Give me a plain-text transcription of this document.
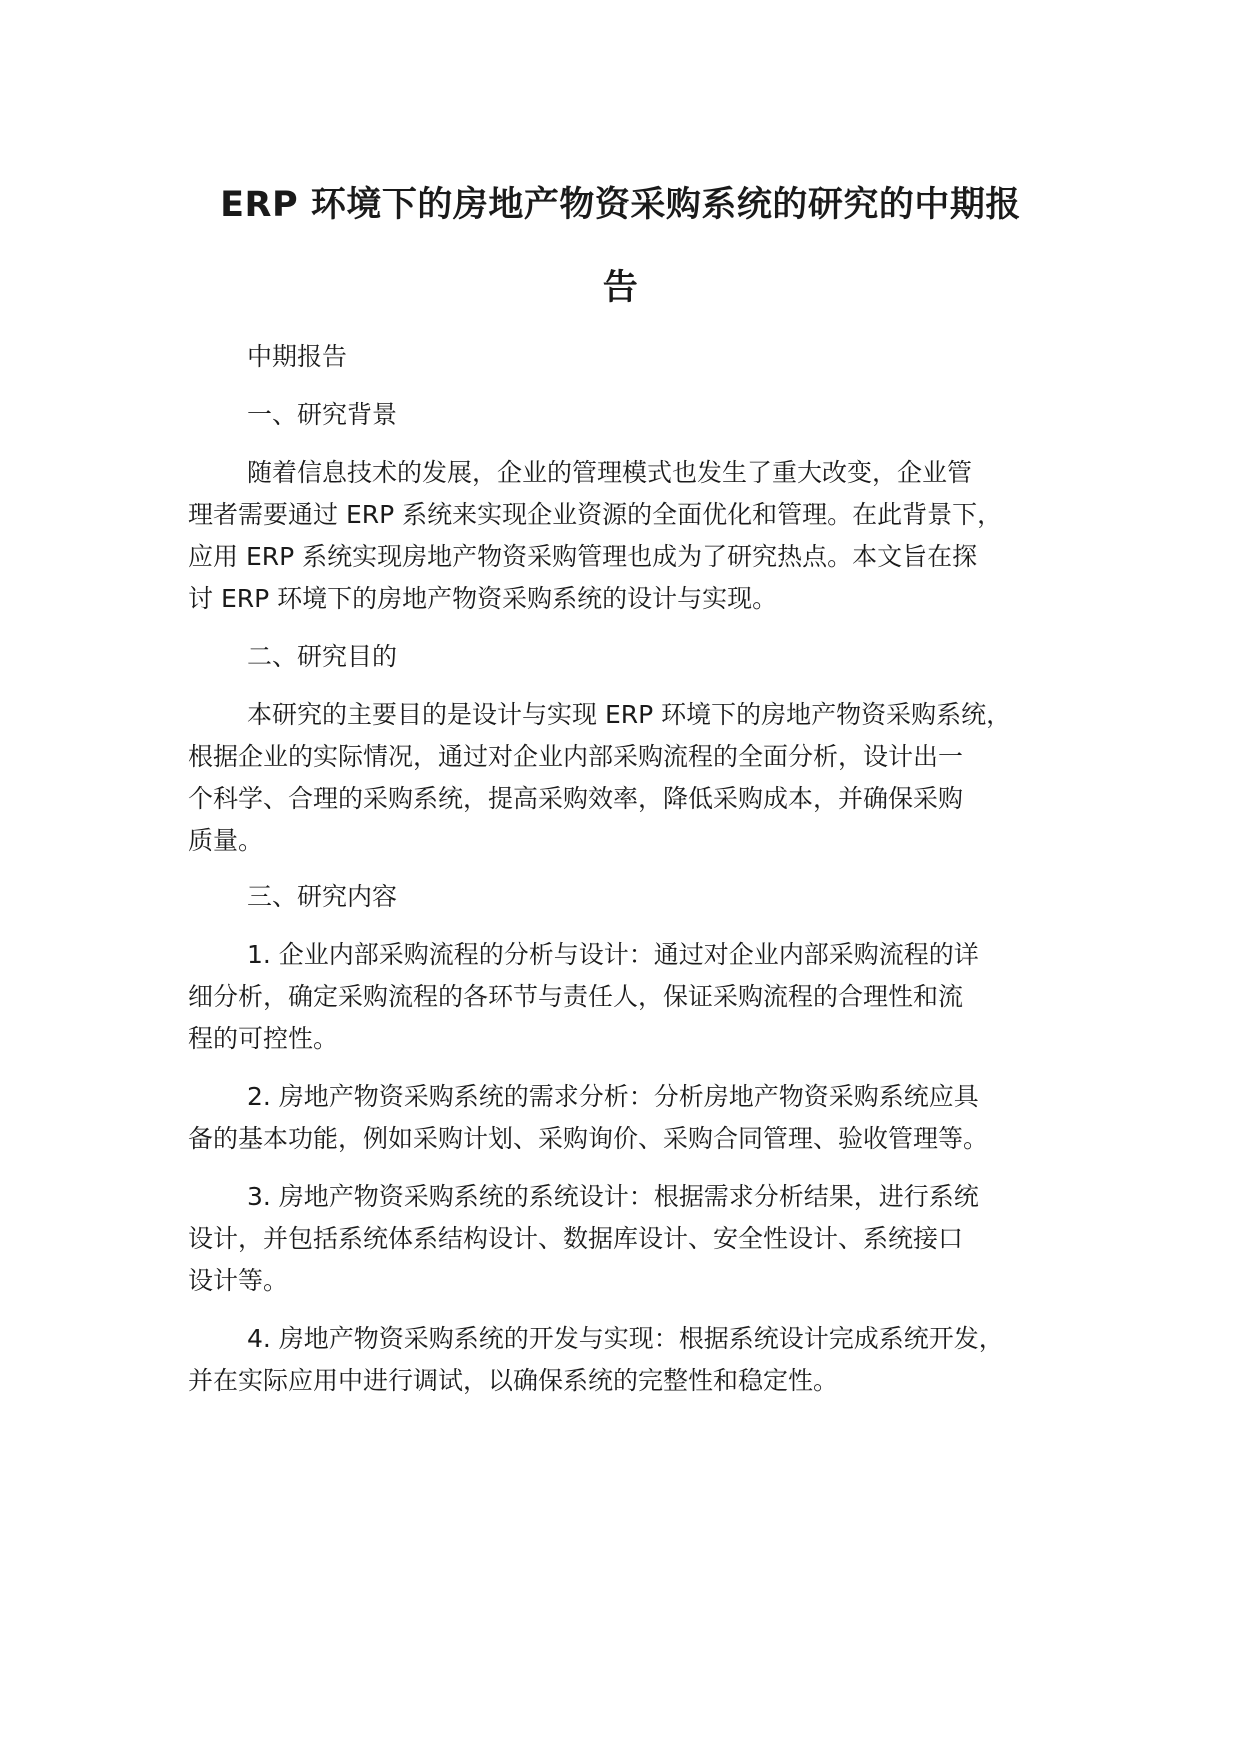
ERP 环境下的房地产物资采购系统的研究的中期报
告
中期报告
一、研究背景
随着信息技术的发展，企业的管理模式也发生了重大改变，企业管
理者需要通过 ERP 系统来实现企业资源的全面优化和管理。在此背景下，
应用 ERP 系统实现房地产物资采购管理也成为了研究热点。本文旨在探
讨 ERP 环境下的房地产物资采购系统的设计与实现。
二、研究目的
本研究的主要目的是设计与实现 ERP 环境下的房地产物资采购系统，
根据企业的实际情况，通过对企业内部采购流程的全面分析，设计出一
个科学、合理的采购系统，提高采购效率，降低采购成本，并确保采购
质量。
三、研究内容
1. 企业内部采购流程的分析与设计：通过对企业内部采购流程的详
细分析，确定采购流程的各环节与责任人，保证采购流程的合理性和流
程的可控性。
2. 房地产物资采购系统的需求分析：分析房地产物资采购系统应具
备的基本功能，例如采购计划、采购询价、采购合同管理、验收管理等。
3. 房地产物资采购系统的系统设计：根据需求分析结果，进行系统
设计，并包括系统体系结构设计、数据库设计、安全性设计、系统接口
设计等。
4. 房地产物资采购系统的开发与实现：根据系统设计完成系统开发，
并在实际应用中进行调试，以确保系统的完整性和稳定性。
